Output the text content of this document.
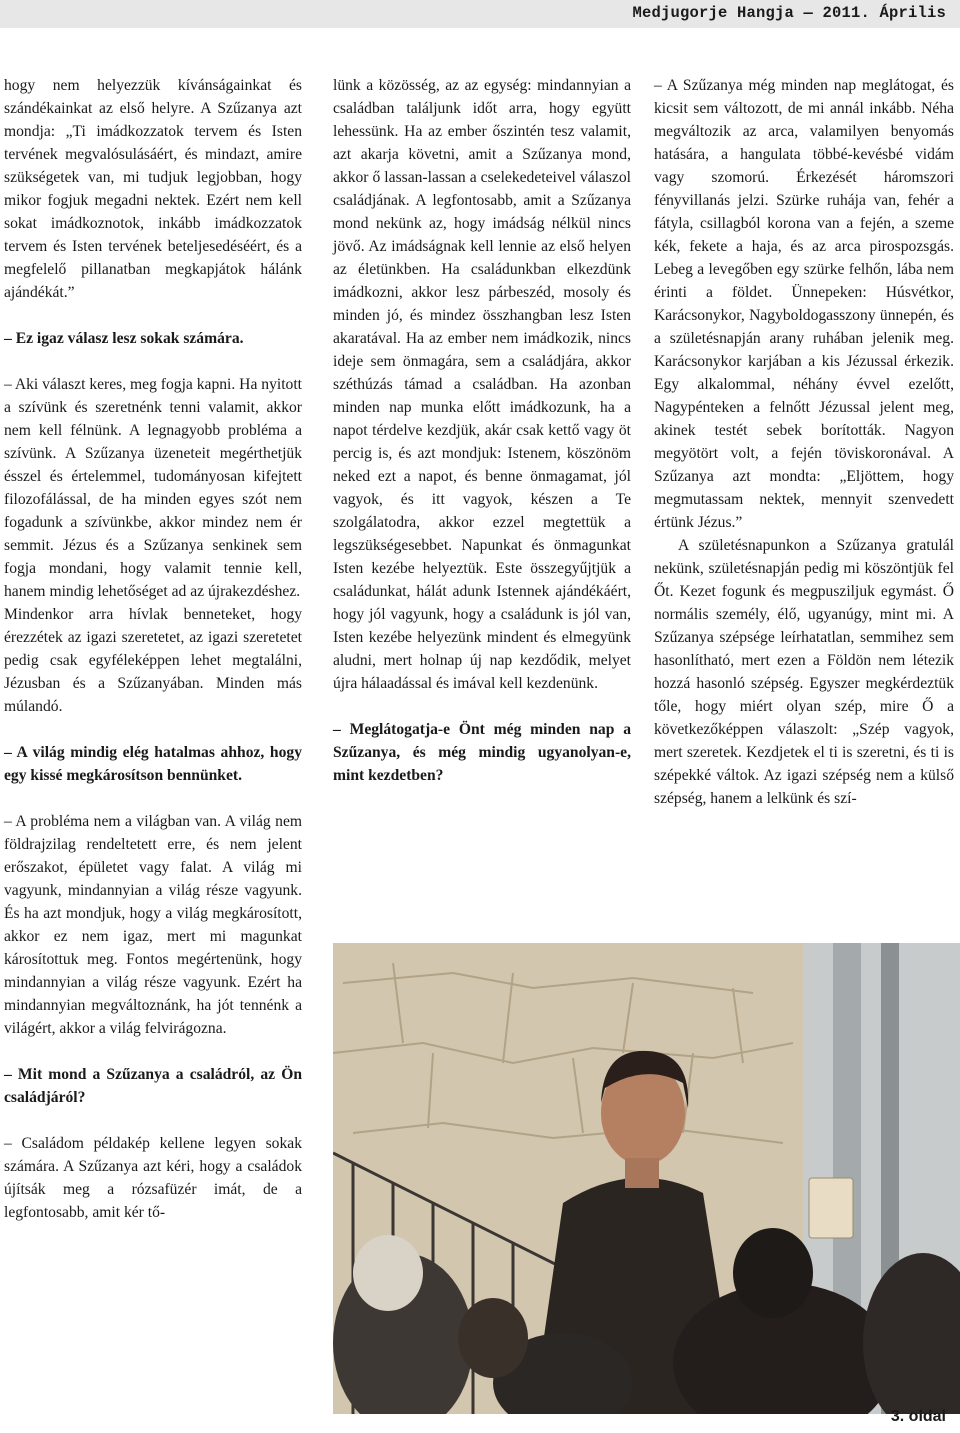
Medjugorje Hangja — 2011. Április

hogy nem helyezzük kívánságainkat és szándékainkat az első helyre. A Szűzanya azt mondja: „Ti imádkozzatok tervem és Isten tervének megvalósulásáért, és mindazt, amire szükségetek van, mi tudjuk legjobban, hogy mikor fogjuk megadni nektek. Ezért nem kell sokat imádkoznotok, inkább imádkozzatok tervem és Isten tervének beteljesedéséért, és a megfelelő pillanatban megkapjátok hálánk ajándékát.”

– Ez igaz válasz lesz sokak számára.

– Aki választ keres, meg fogja kapni. Ha nyitott a szívünk és szeretnénk tenni valamit, akkor nem kell félnünk. A legnagyobb probléma a szívünk. A Szűzanya üzeneteit megérthetjük ésszel és értelemmel, tudományosan kifejtett filozofálással, de ha minden egyes szót nem fogadunk a szívünkbe, akkor mindez nem ér semmit. Jézus és a Szűzanya senkinek sem fogja mondani, hogy valamit tennie kell, hanem mindig lehetőséget ad az újrakezdéshez.

Mindenkor arra hívlak benneteket, hogy érezzétek az igazi szeretetet, az igazi szeretetet pedig csak egyféleképpen lehet megtalálni, Jézusban és a Szűzanyában. Minden más múlandó.

– A világ mindig elég hatalmas ahhoz, hogy egy kissé megkárosítson bennünket.

– A probléma nem a világban van. A világ nem földrajzilag rendeltetett erre, és nem jelent erőszakot, épületet vagy falat. A világ mi vagyunk, mindannyian a világ része vagyunk. És ha azt mondjuk, hogy a világ megkárosított, akkor ez nem igaz, mert mi magunkat károsítottuk meg. Fontos megértenünk, hogy mindannyian a világ része vagyunk. Ezért ha mindannyian megváltoznánk, ha jót tennénk a világért, akkor a világ felvirágozna.

– Mit mond a Szűzanya a családról, az Ön családjáról?

– Családom példakép kellene legyen sokak számára. A Szűzanya azt kéri, hogy a családok újítsák meg a rózsafüzér imát, de a legfontosabb, amit kér tő-

lünk a közösség, az az egység: mindannyian a családban találjunk időt arra, hogy együtt lehessünk. Ha az ember őszintén tesz valamit, azt akarja követni, amit a Szűzanya mond, akkor ő lassan-lassan a cselekedeteivel válaszol családjának. A legfontosabb, amit a Szűzanya mond nekünk az, hogy imádság nélkül nincs jövő. Az imádságnak kell lennie az első helyen az életünkben. Ha családunkban elkezdünk imádkozni, akkor lesz párbeszéd, mosoly és minden jó, és mindez összhangban lesz Isten akaratával. Ha az ember nem imádkozik, nincs ideje sem önmagára, sem a családjára, akkor széthúzás támad a családban. Ha azonban minden nap munka előtt imádkozunk, ha a napot térdelve kezdjük, akár csak kettő vagy öt percig is, és azt mondjuk: Istenem, köszönöm neked ezt a napot, és benne önmagamat, jól vagyok, és itt vagyok, készen a Te szolgálatodra, akkor ezzel megtettük a legszükségesebbet. Napunkat és önmagunkat Isten kezébe helyeztük. Este összegyűjtjük a családunkat, hálát adunk Istennek ajándékáért, hogy jól vagyunk, hogy a családunk is jól van, Isten kezébe helyezünk mindent és elmegyünk aludni, mert holnap új nap kezdődik, melyet újra hálaadással és imával kell kezdenünk.

– Meglátogatja-e Önt még minden nap a Szűzanya, és még mindig ugyanolyan-e, mint kezdetben?

– A Szűzanya még minden nap meglátogat, és kicsit sem változott, de mi annál inkább. Néha megváltozik az arca, valamilyen benyomás hatására, a hangulata többé-kevésbé vidám vagy szomorú. Érkezését háromszori fényvillanás jelzi. Szürke ruhája van, fehér a fátyla, csillagból korona van a fején, a szeme kék, fekete a haja, és az arca pirospozsgás. Lebeg a levegőben egy szürke felhőn, lába nem érinti a földet. Ünnepeken: Húsvétkor, Karácsonykor, Nagyboldogasszony ünnepén, és a születésnapján arany ruhában jelenik meg. Karácsonykor karjában a kis Jézussal érkezik. Egy alkalommal, néhány évvel ezelőtt, Nagypénteken a felnőtt Jézussal jelent meg, akinek testét sebek borították. Nagyon megyötört volt, a fején töviskoronával. A Szűzanya azt mondta: „Eljöttem, hogy megmutassam nektek, mennyit szenvedett értünk Jézus.”

A születésnapunkon a Szűzanya gratulál nekünk, születésnapján pedig mi köszöntjük fel Őt. Kezet fogunk és megpusziljuk egymást. Ő normális személy, élő, ugyanúgy, mint mi. A Szűzanya szépsége leírhatatlan, semmihez sem hasonlítható, mert ezen a Földön nem létezik hozzá hasonló szépség. Egyszer megkérdeztük tőle, hogy miért olyan szép, mire Ő a következőképpen válaszolt: „Szép vagyok, mert szeretek. Kezdjetek el ti is szeretni, és ti is szépekké váltok. Az igazi szépség nem a külső szépség, hanem a lelkünk és szí-

3. oldal
